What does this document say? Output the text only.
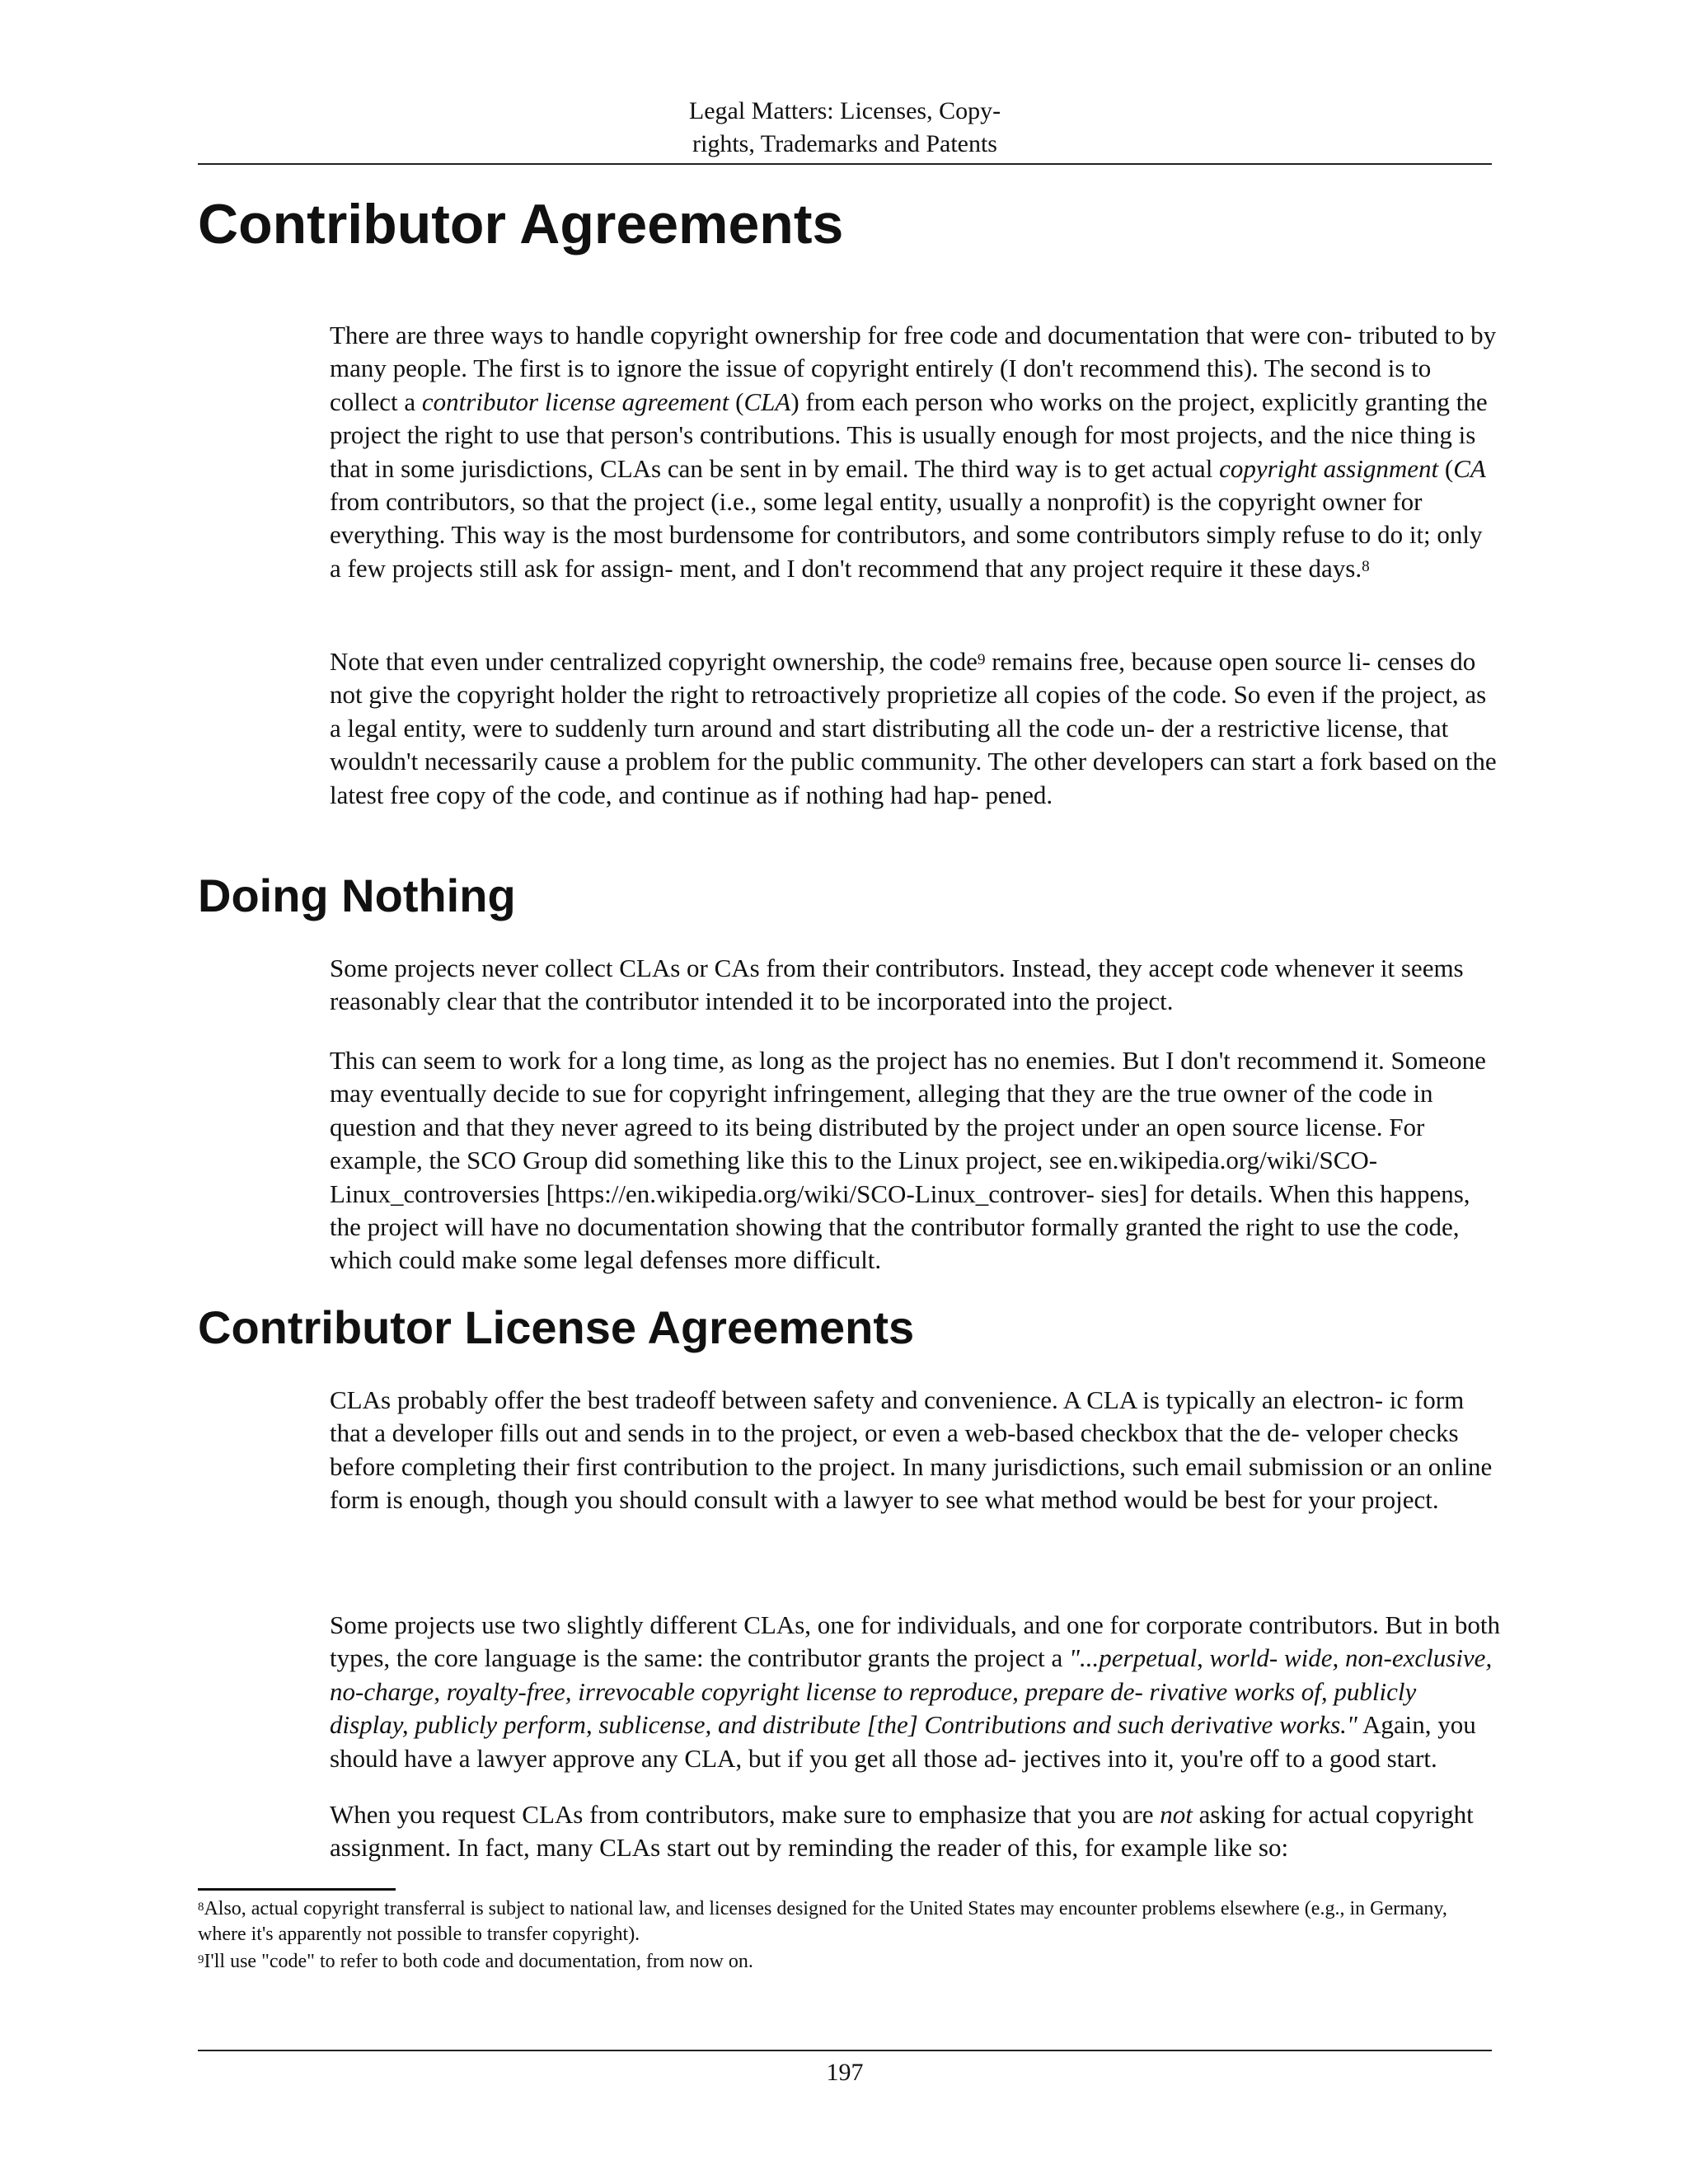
Legal Matters: Licenses, Copy-
rights, Trademarks and Patents
Contributor Agreements

There are three ways to handle copyright ownership for free code and documentation that were con- tributed to by many people. The first is to ignore the issue of copyright entirely (I don't recommend this). The second is to collect a contributor license agreement (CLA) from each person who works on the project, explicitly granting the project the right to use that person's contributions. This is usually enough for most projects, and the nice thing is that in some jurisdictions, CLAs can be sent in by email. The third way is to get actual copyright assignment (CA from contributors, so that the project (i.e., some legal entity, usually a nonprofit) is the copyright owner for everything. This way is the most burdensome for contributors, and some contributors simply refuse to do it; only a few projects still ask for assign- ment, and I don't recommend that any project require it these days.$^8$

Note that even under centralized copyright ownership, the code$^9$ remains free, because open source li- censes do not give the copyright holder the right to retroactively proprietize all copies of the code. So even if the project, as a legal entity, were to suddenly turn around and start distributing all the code un- der a restrictive license, that wouldn't necessarily cause a problem for the public community. The other developers can start a fork based on the latest free copy of the code, and continue as if nothing had hap- pened.

Doing Nothing

Some projects never collect CLAs or CAs from their contributors. Instead, they accept code whenever it seems reasonably clear that the contributor intended it to be incorporated into the project.

This can seem to work for a long time, as long as the project has no enemies. But I don't recommend it. Someone may eventually decide to sue for copyright infringement, alleging that they are the true owner of the code in question and that they never agreed to its being distributed by the project under an open source license. For example, the SCO Group did something like this to the Linux project, see en.wikipedia.org/wiki/SCO-Linux_controversies [https://en.wikipedia.org/wiki/SCO-Linux_controver- sies] for details. When this happens, the project will have no documentation showing that the contributor formally granted the right to use the code, which could make some legal defenses more difficult.

Contributor License Agreements

CLAs probably offer the best tradeoff between safety and convenience. A CLA is typically an electron- ic form that a developer fills out and sends in to the project, or even a web-based checkbox that the de- veloper checks before completing their first contribution to the project. In many jurisdictions, such email submission or an online form is enough, though you should consult with a lawyer to see what method would be best for your project.

Some projects use two slightly different CLAs, one for individuals, and one for corporate contributors. But in both types, the core language is the same: the contributor grants the project a "...perpetual, world- wide, non-exclusive, no-charge, royalty-free, irrevocable copyright license to reproduce, prepare de- rivative works of, publicly display, publicly perform, sublicense, and distribute [the] Contributions and such derivative works." Again, you should have a lawyer approve any CLA, but if you get all those ad- jectives into it, you're off to a good start.

When you request CLAs from contributors, make sure to emphasize that you are not asking for actual copyright assignment. In fact, many CLAs start out by reminding the reader of this, for example like so:

$^8$Also, actual copyright transferral is subject to national law, and licenses designed for the United States may encounter problems elsewhere (e.g., in Germany, where it's apparently not possible to transfer copyright).

$^9$I'll use "code" to refer to both code and documentation, from now on.

197
